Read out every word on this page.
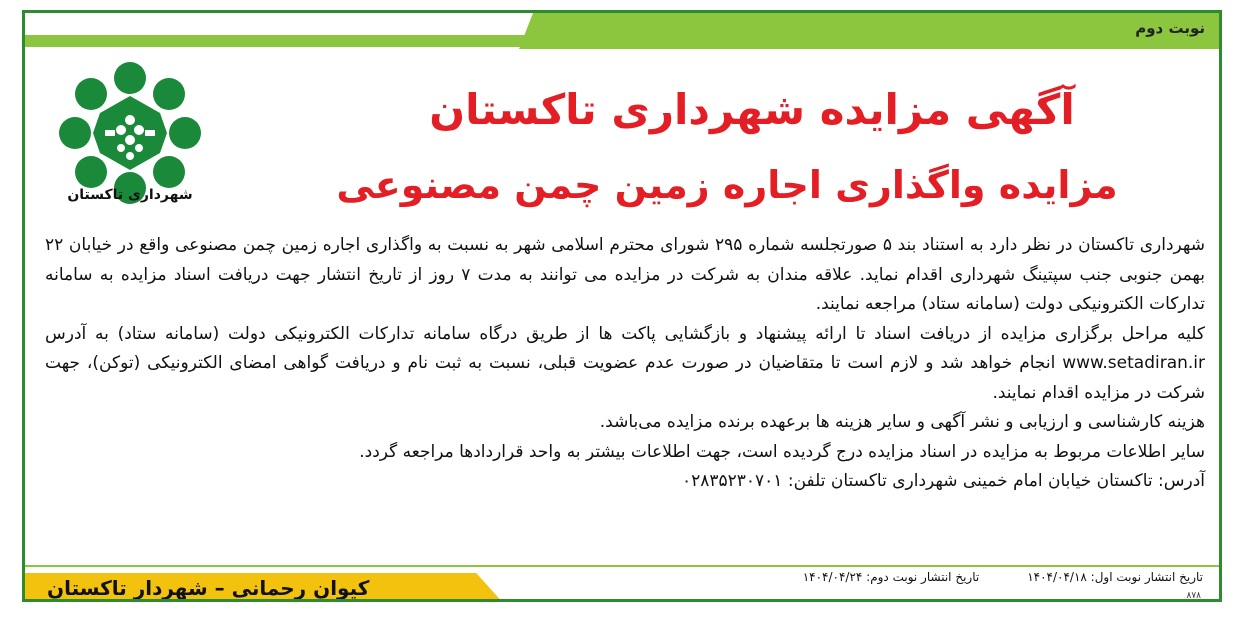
نوبت دوم
شهرداری تاکستان
آگهی مزایده شهرداری تاکستان
مزایده واگذاری اجاره زمین چمن مصنوعی

شهرداری تاکستان در نظر دارد به استناد بند ۵ صورتجلسه شماره ۲۹۵ شورای محترم اسلامی شهر به نسبت به واگذاری اجاره زمین چمن مصنوعی واقع در خیابان ۲۲ بهمن جنوبی جنب سپتینگ شهرداری اقدام نماید. علاقه مندان به شرکت در مزایده می توانند به مدت ۷ روز از تاریخ انتشار جهت دریافت اسناد مزایده به سامانه تدارکات الکترونیکی دولت (سامانه ستاد) مراجعه نمایند.

کلیه مراحل برگزاری مزایده از دریافت اسناد تا ارائه پیشنهاد و بازگشایی پاکت ها از طریق درگاه سامانه تدارکات الکترونیکی دولت (سامانه ستاد) به آدرس www.setadiran.ir انجام خواهد شد و لازم است تا متقاضیان در صورت عدم عضویت قبلی، نسبت به ثبت نام و دریافت گواهی امضای الکترونیکی (توکن)، جهت شرکت در مزایده اقدام نمایند.

هزینه کارشناسی و ارزیابی و نشر آگهی و سایر هزینه ها برعهده برنده مزایده می‌باشد.

سایر اطلاعات مربوط به مزایده در اسناد مزایده درج گردیده است، جهت اطلاعات بیشتر به واحد قراردادها مراجعه گردد.

آدرس: تاکستان خیابان امام خمینی شهرداری تاکستان تلفن: ۰۲۸۳۵۲۳۰۷۰۱

تاریخ انتشار نوبت اول: ۱۴۰۴/۰۴/۱۸
تاریخ انتشار نوبت دوم: ۱۴۰۴/۰۴/۲۴
۸۷۸
کیوان رحمانی – شهردار تاکستان
